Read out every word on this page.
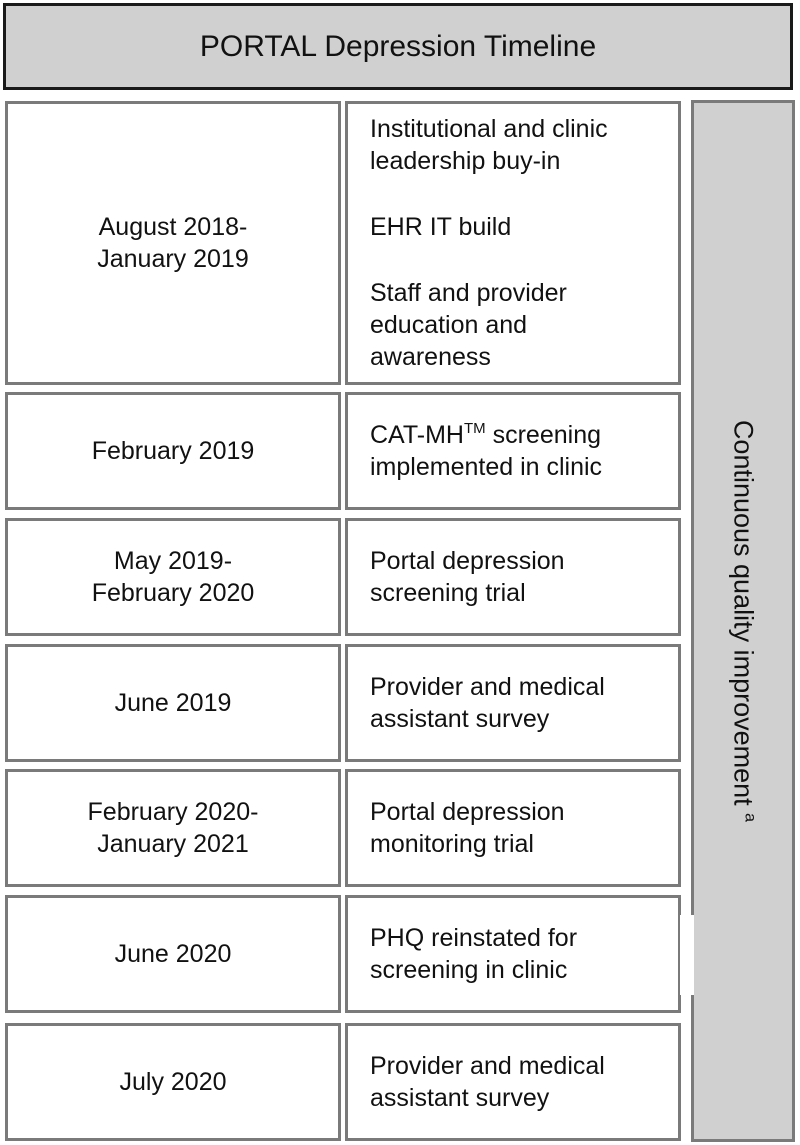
PORTAL Depression Timeline
August 2018-
January 2019
Institutional and clinic
leadership buy-in
EHR IT build
Staff and provider
education and
awareness
February 2019
CAT-MH™ screening
implemented in clinic
May 2019-
February 2020
Portal depression
screening trial
June 2019
Provider and medical
assistant survey
February 2020-
January 2021
Portal depression
monitoring trial
June 2020
PHQ reinstated for
screening in clinic
July 2020
Provider and medical
assistant survey
Continuous quality improvement $^a$
